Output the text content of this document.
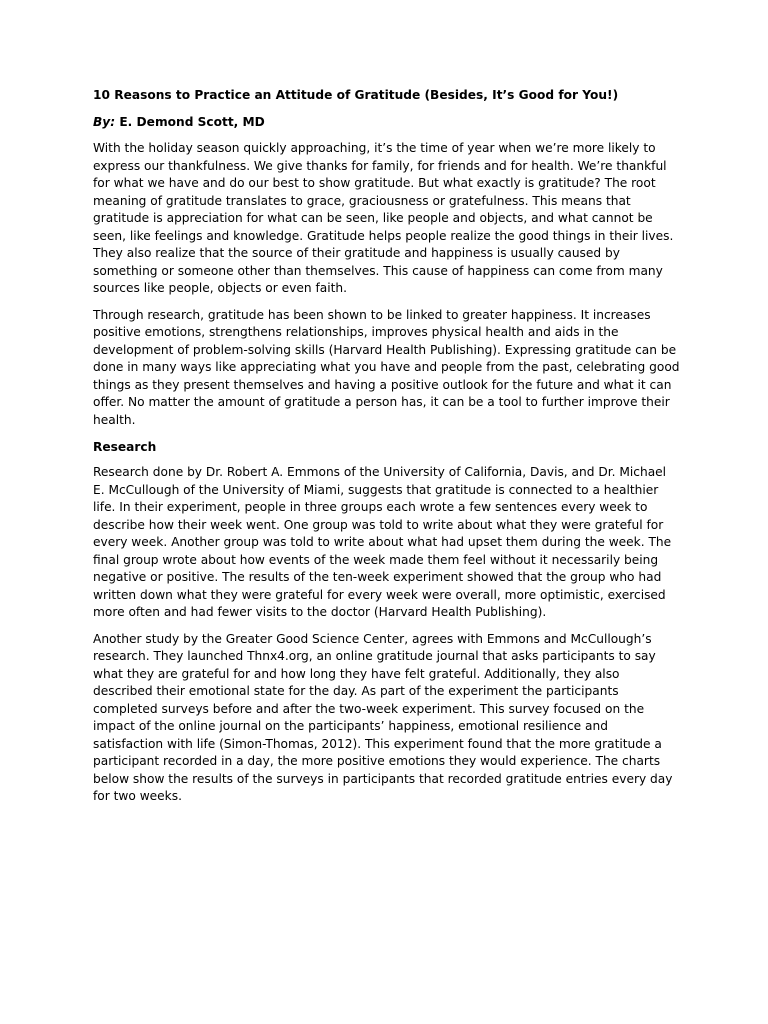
10 Reasons to Practice an Attitude of Gratitude (Besides, It’s Good for You!)
By: E. Demond Scott, MD

With the holiday season quickly approaching, it’s the time of year when we’re more likely to express our thankfulness. We give thanks for family, for friends and for health. We’re thankful for what we have and do our best to show gratitude. But what exactly is gratitude? The root meaning of gratitude translates to grace, graciousness or gratefulness. This means that gratitude is appreciation for what can be seen, like people and objects, and what cannot be seen, like feelings and knowledge. Gratitude helps people realize the good things in their lives. They also realize that the source of their gratitude and happiness is usually caused by something or someone other than themselves. This cause of happiness can come from many sources like people, objects or even faith.

Through research, gratitude has been shown to be linked to greater happiness. It increases positive emotions, strengthens relationships, improves physical health and aids in the development of problem-solving skills (Harvard Health Publishing). Expressing gratitude can be done in many ways like appreciating what you have and people from the past, celebrating good things as they present themselves and having a positive outlook for the future and what it can offer. No matter the amount of gratitude a person has, it can be a tool to further improve their health.

Research

Research done by Dr. Robert A. Emmons of the University of California, Davis, and Dr. Michael E. McCullough of the University of Miami, suggests that gratitude is connected to a healthier life. In their experiment, people in three groups each wrote a few sentences every week to describe how their week went. One group was told to write about what they were grateful for every week. Another group was told to write about what had upset them during the week. The final group wrote about how events of the week made them feel without it necessarily being negative or positive. The results of the ten-week experiment showed that the group who had written down what they were grateful for every week were overall, more optimistic, exercised more often and had fewer visits to the doctor (Harvard Health Publishing).

Another study by the Greater Good Science Center, agrees with Emmons and McCullough’s research. They launched Thnx4.org, an online gratitude journal that asks participants to say what they are grateful for and how long they have felt grateful. Additionally, they also described their emotional state for the day. As part of the experiment the participants completed surveys before and after the two-week experiment. This survey focused on the impact of the online journal on the participants’ happiness, emotional resilience and satisfaction with life (Simon-Thomas, 2012). This experiment found that the more gratitude a participant recorded in a day, the more positive emotions they would experience. The charts below show the results of the surveys in participants that recorded gratitude entries every day for two weeks.
